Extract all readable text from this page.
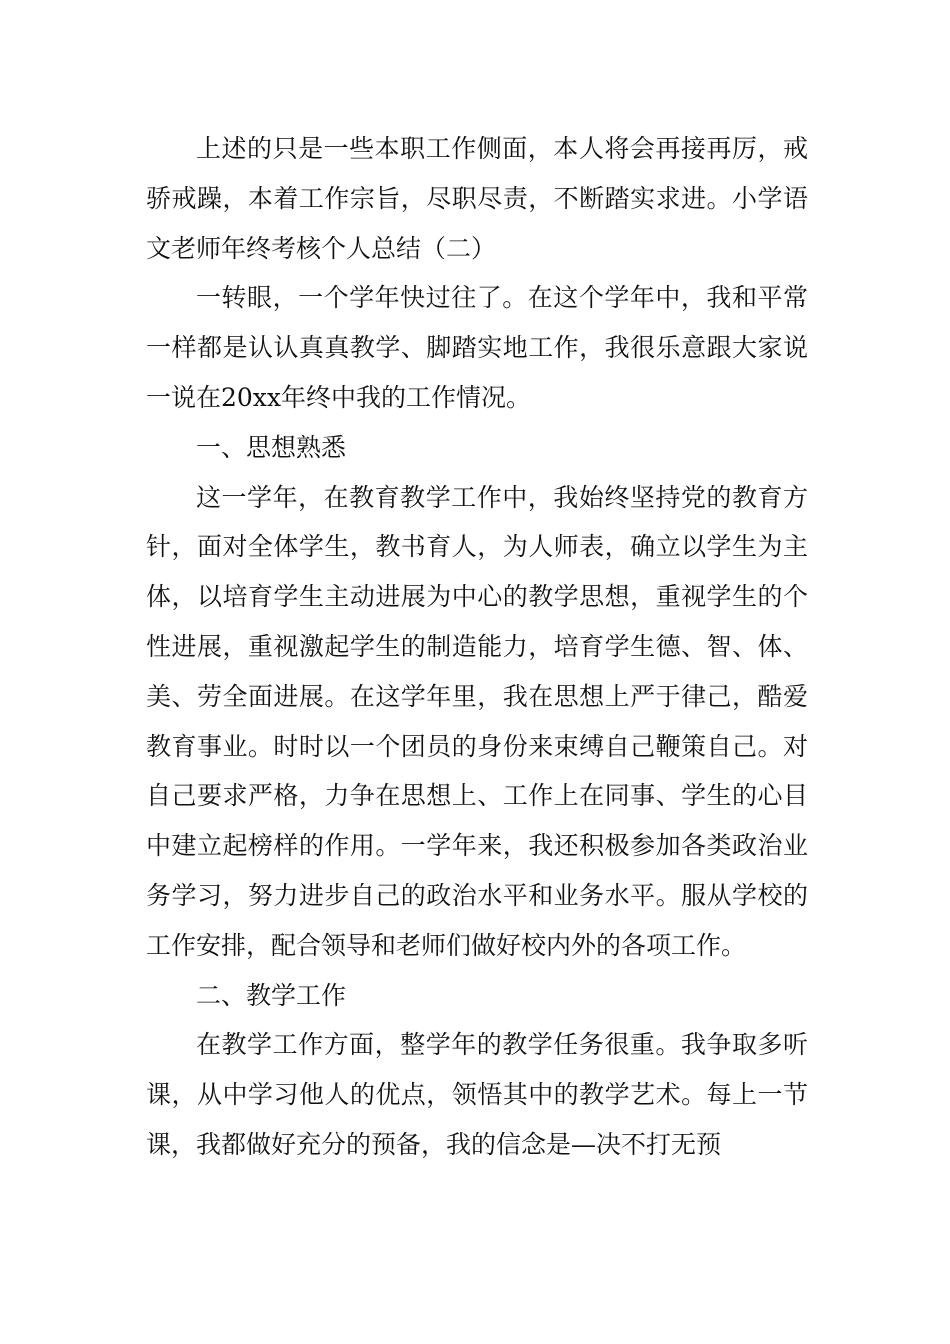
上述的只是一些本职工作侧面，本人将会再接再厉，戒骄戒躁，本着工作宗旨，尽职尽责，不断踏实求进。小学语文老师年终考核个人总结（二）

一转眼，一个学年快过往了。在这个学年中，我和平常一样都是认认真真教学、脚踏实地工作，我很乐意跟大家说一说在20xx年终中我的工作情况。

一、思想熟悉

这一学年，在教育教学工作中，我始终坚持党的教育方针，面对全体学生，教书育人，为人师表，确立以学生为主体，以培育学生主动进展为中心的教学思想，重视学生的个性进展，重视激起学生的制造能力，培育学生德、智、体、美、劳全面进展。在这学年里，我在思想上严于律己，酷爱教育事业。时时以一个团员的身份来束缚自己鞭策自己。对自己要求严格，力争在思想上、工作上在同事、学生的心目中建立起榜样的作用。一学年来，我还积极参加各类政治业务学习，努力进步自己的政治水平和业务水平。服从学校的工作安排，配合领导和老师们做好校内外的各项工作。

二、教学工作

在教学工作方面，整学年的教学任务很重。我争取多听课，从中学习他人的优点，领悟其中的教学艺术。每上一节课，我都做好充分的预备，我的信念是—决不打无预
